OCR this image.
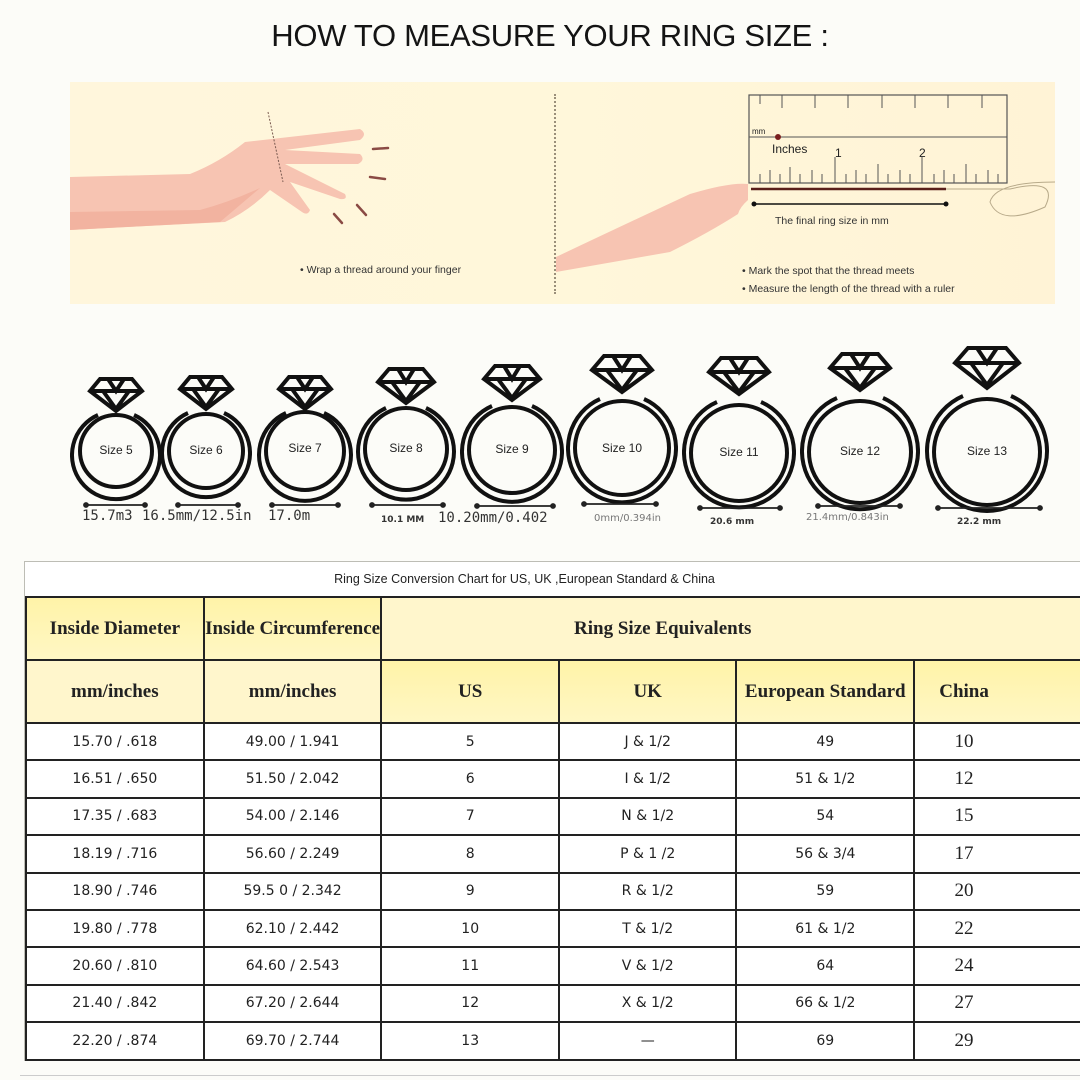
HOW TO MEASURE YOUR RING SIZE :
1	2
mm
Inches
The final ring size in mm
• Wrap a thread around your finger	• Mark the spot that the thread meets
• Measure the length of the thread with a ruler
Size 5	Size 6	Size 7	Size 8	Size 9	Size 10	Size 11	Size 12	Size 13
15.7m3 16.5mm/12.5in 17.0m	10.1 MM 10.20mm/0.402	0mm/0.394in	20.6 mm	21.4mm/0.843in	22.2 mm
Ring Size Conversion Chart for US, UK ,European Standard & China
Inside Diameter	Inside Circumference	Ring Size Equivalents			
mm/inches	mm/inches	US	UK	European Standard	China
15.70 / .618	49.00 / 1.941	5	J & 1/2	49	10
16.51 / .650	51.50 / 2.042	6	I & 1/2	51 & 1/2	12
17.35 / .683	54.00 / 2.146	7	N & 1/2	54	15
18.19 / .716	56.60 / 2.249	8	P & 1 /2	56 & 3/4	17
18.90 / .746	59.5 0 / 2.342	9	R & 1/2	59	20
19.80 / .778	62.10 / 2.442	10	T & 1/2	61 & 1/2	22
20.60 / .810	64.60 / 2.543	11	V & 1/2	64	24
21.40 / .842	67.20 / 2.644	12	X & 1/2	66 & 1/2	27
22.20 / .874	69.70 / 2.744	13	—	69	29
